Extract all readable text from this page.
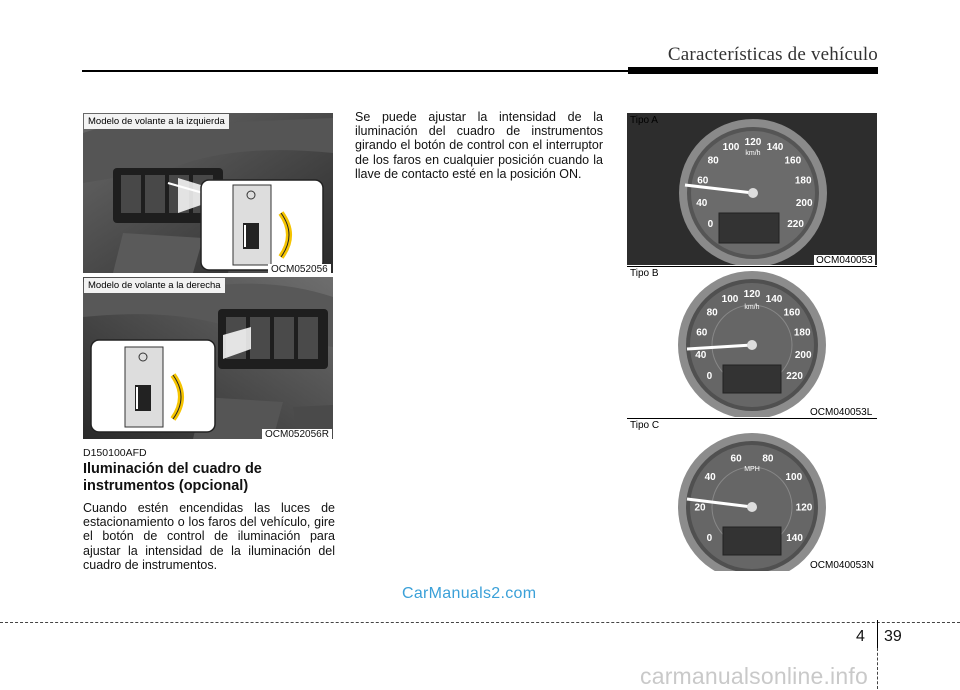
Características de vehículo
Modelo de volante a la izquierda
OCM052056
Modelo de volante a la derecha
OCM052056R
D150100AFD
Iluminación del cuadro de instrumentos (opcional)
Cuando estén encendidas las luces de estacionamiento o los faros del vehículo, gire el botón de control de iluminación para ajustar la intensidad de la iluminación del cuadro de instrumentos.
Se puede ajustar la intensidad de la iluminación del cuadro de instrumentos girando el botón de control con el interruptor de los faros en cualquier posición cuando la llave de contacto esté en la posición ON.
0
40
60
80
100 120 140
160
180
200
220
km/h
Tipo A
OCM040053
0
40
60
80
100 120 140
160
180
200
220
km/h
Tipo B
OCM040053L
0
20
40
60 80
100
120
140
MPH
Tipo C
OCM040053N
CarManuals2.com
4 39
carmanualsonline.info
